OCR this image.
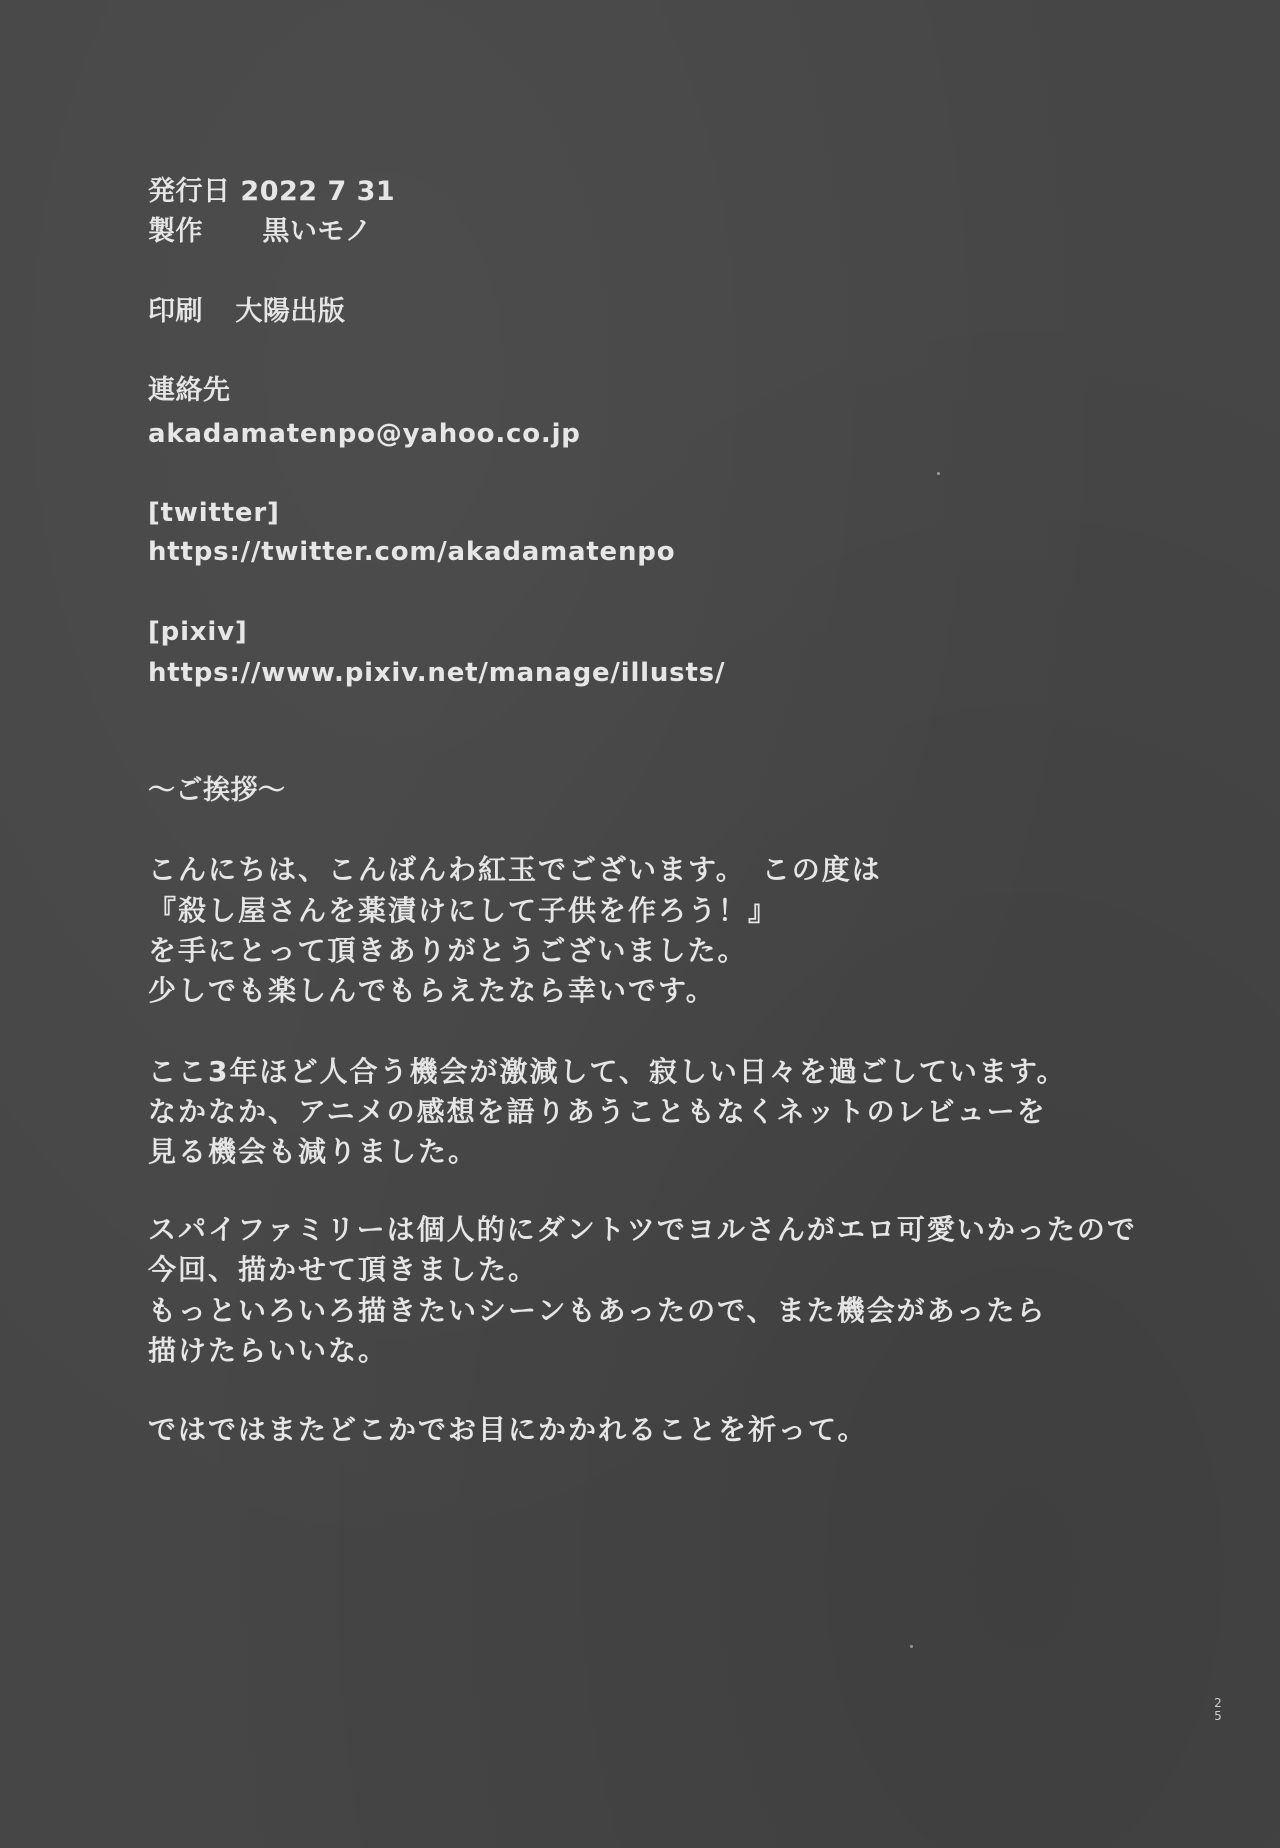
発行日 2022 7 31

製作 黒いモノ

印刷 大陽出版

連絡先

akadamatenpo@yahoo.co.jp

[twitter]

https://twitter.com/akadamatenpo

[pixiv]

https://www.pixiv.net/manage/illusts/

～ご挨拶～

こんにちは、こんばんわ紅玉でございます。　この度は

『殺し屋さんを薬漬けにして子供を作ろう！』

を手にとって頂きありがとうございました。

少しでも楽しんでもらえたなら幸いです。

ここ3年ほど人合う機会が激減して、寂しい日々を過ごしています。

なかなか、アニメの感想を語りあうこともなくネットのレビューを

見る機会も減りました。

スパイファミリーは個人的にダントツでヨルさんがエロ可愛いかったので

今回、描かせて頂きました。

もっといろいろ描きたいシーンもあったので、また機会があったら

描けたらいいな。

ではではまたどこかでお目にかかれることを祈って。

2
5
